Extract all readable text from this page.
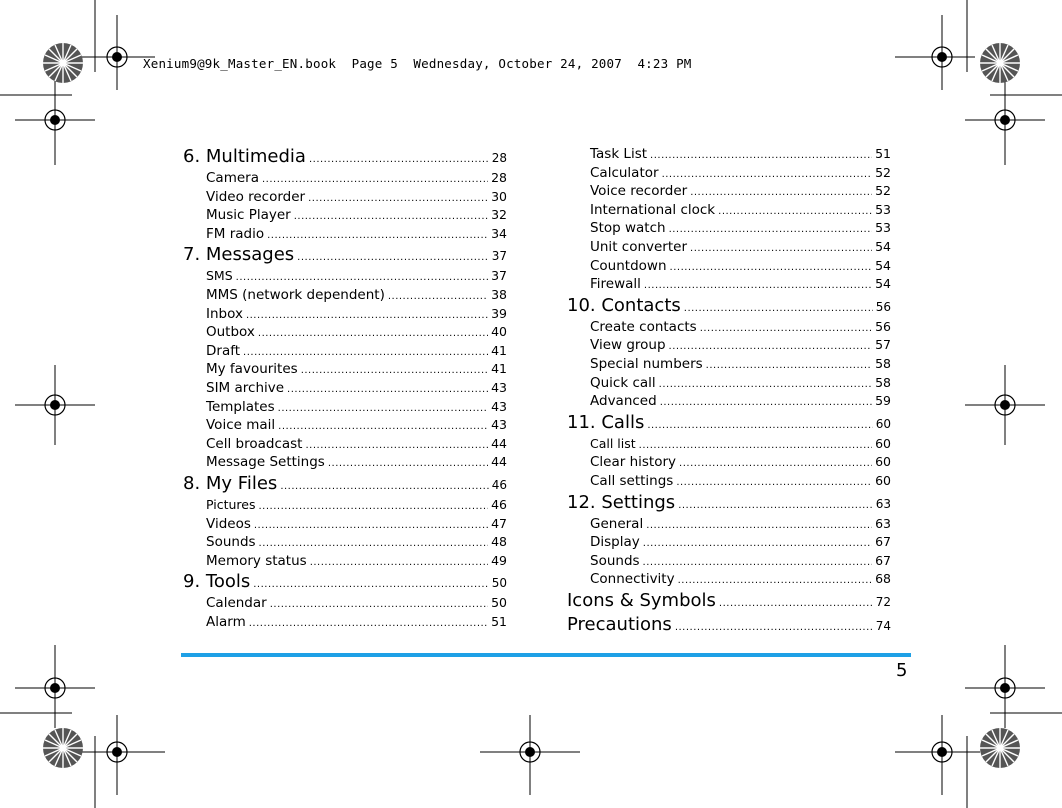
Xenium9@9k_Master_EN.book  Page 5  Wednesday, October 24, 2007  4:23 PM
6. Multimedia .....	28
Camera .....	28
Video recorder .....	30
Music Player .....	32
FM radio .....	34
7. Messages .....	37
SMS .....	37
MMS (network dependent) .....	38
Inbox .....	39
Outbox .....	40
Draft .....	41
My favourites .....	41
SIM archive .....	43
Templates .....	43
Voice mail .....	43
Cell broadcast .....	44
Message Settings .....	44
8. My Files .....	46
Pictures .....	46
Videos .....	47
Sounds .....	48
Memory status .....	49
9. Tools .....	50
Calendar .....	50
Alarm .....	51
Task List .....	51
Calculator .....	52
Voice recorder .....	52
International clock .....	53
Stop watch .....	53
Unit converter .....	54
Countdown .....	54
Firewall .....	54
10. Contacts .....	56
Create contacts .....	56
View group .....	57
Special numbers .....	58
Quick call .....	58
Advanced .....	59
11. Calls .....	60
Call list .....	60
Clear history .....	60
Call settings .....	60
12. Settings .....	63
General .....	63
Display .....	67
Sounds .....	67
Connectivity .....	68
Icons & Symbols .....	72
Precautions .....	74
5
